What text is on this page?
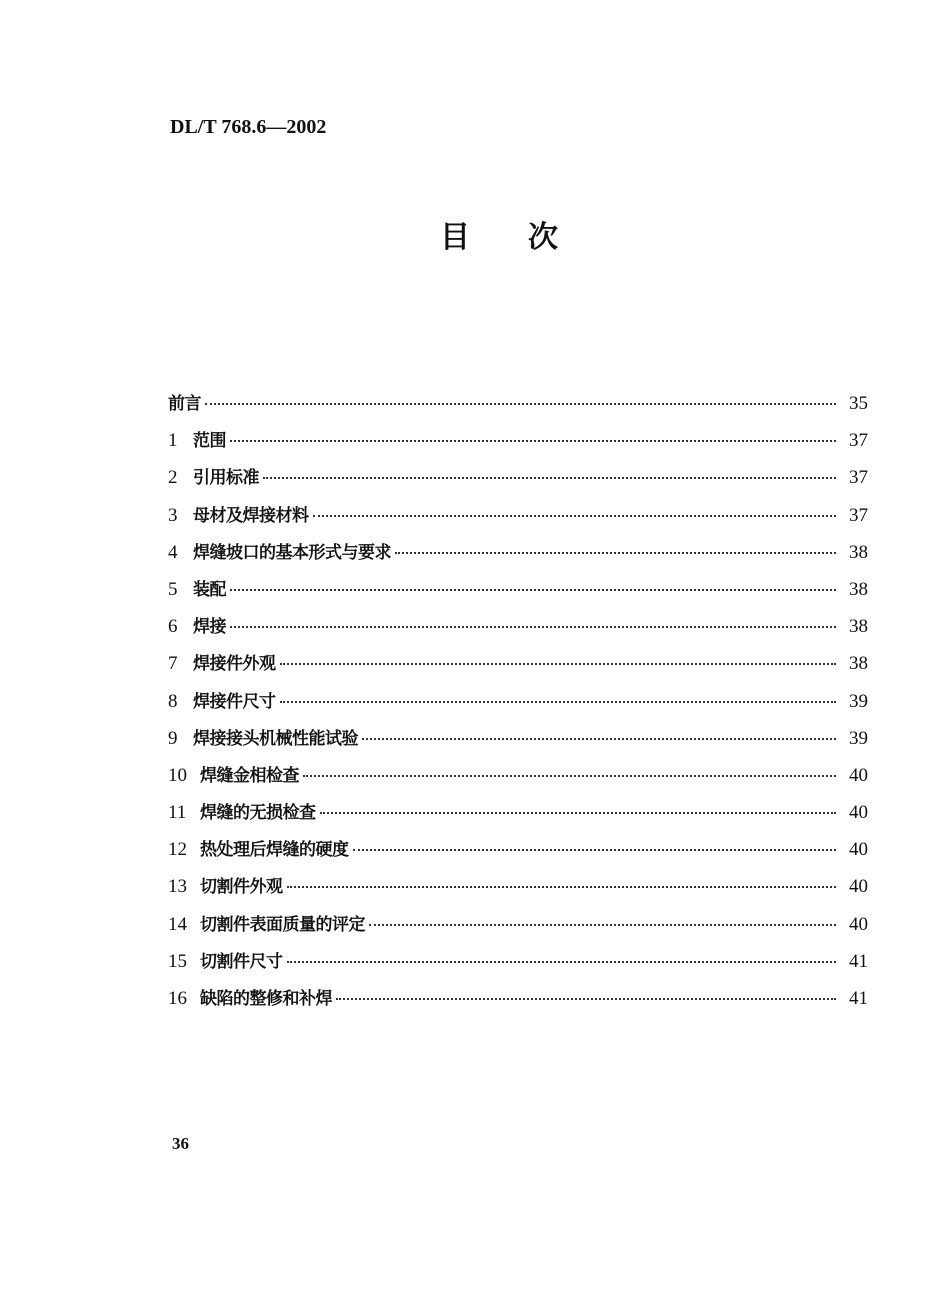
DL/T 768.6—2002
目次
前言	35
1 范围	37
2 引用标准	37
3 母材及焊接材料	37
4 焊缝坡口的基本形式与要求	38
5 装配	38
6 焊接	38
7 焊接件外观	38
8 焊接件尺寸	39
9 焊接接头机械性能试验	39
10 焊缝金相检查	40
11 焊缝的无损检查	40
12 热处理后焊缝的硬度	40
13 切割件外观	40
14 切割件表面质量的评定	40
15 切割件尺寸	41
16 缺陷的整修和补焊	41
36
